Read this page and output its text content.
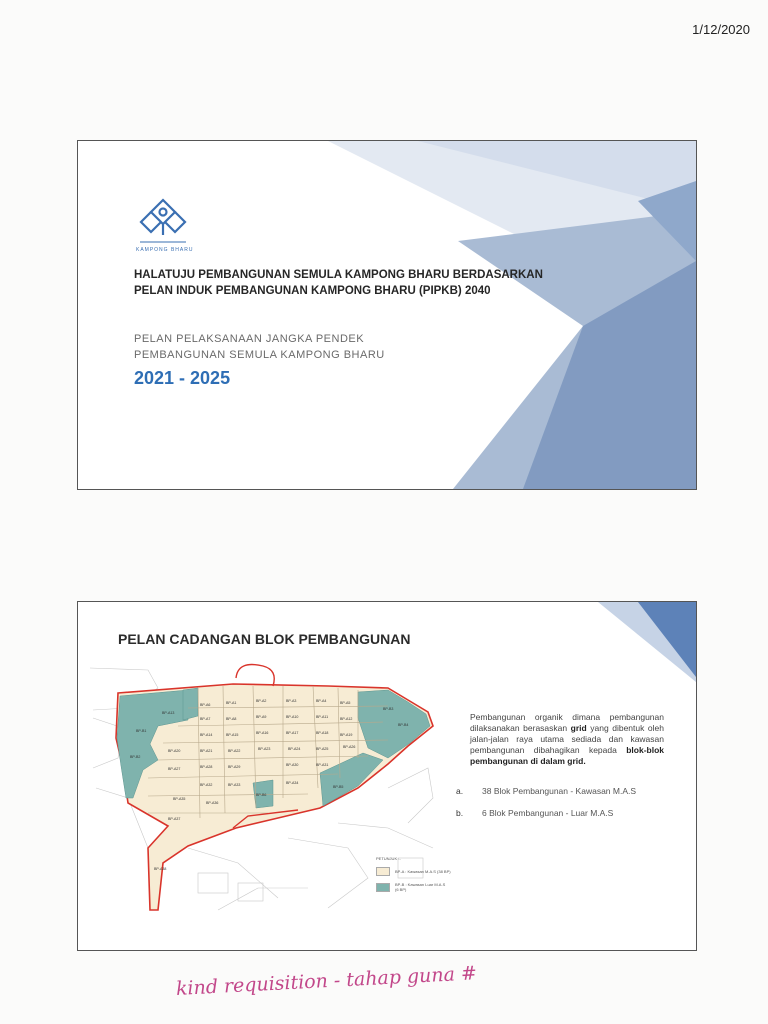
1/12/2020
KAMPONG BHARU
HALATUJU PEMBANGUNAN SEMULA KAMPONG BHARU BERDASARKAN
PELAN INDUK PEMBANGUNAN KAMPONG BHARU (PIPKB) 2040
PELAN PELAKSANAAN JANGKA PENDEK
PEMBANGUNAN SEMULA KAMPONG BHARU
2021 - 2025
PELAN CADANGAN BLOK PEMBANGUNAN
BP-A1	BP-A2	BP-A3	BP-A4	BP-A5
BP-A6
BP-A7	BP-A8	BP-A9	BP-A10	BP-A11	BP-A12
BP-A13
BP-A14	BP-A15	BP-A16	BP-A17	BP-A18	BP-A19
BP-A20	BP-A21	BP-A22	BP-A23	BP-A24	BP-A25	BP-A26
BP-A27	BP-A28	BP-A29	BP-A30	BP-A31
BP-A32	BP-A33	BP-A34
BP-A35
BP-A36
BP-A37
BP-A38
BP-B1
BP-B2
BP-B3
BP-B4
BP-B5
BP-B6
PETUNJUK :-
BP-A : Kawasan M.A.S (38 BP)
BP-B : Kawasan Luar M.A.S
(6 BP)
Pembangunan organik dimana pembangunan dilaksanakan berasaskan grid yang dibentuk oleh jalan-jalan raya utama sediada dan kawasan pembangunan dibahagikan kepada blok-blok pembangunan di dalam grid.
a.	38 Blok Pembangunan - Kawasan M.A.S
b.	6 Blok Pembangunan - Luar M.A.S
kind requisition - tahap guna #
